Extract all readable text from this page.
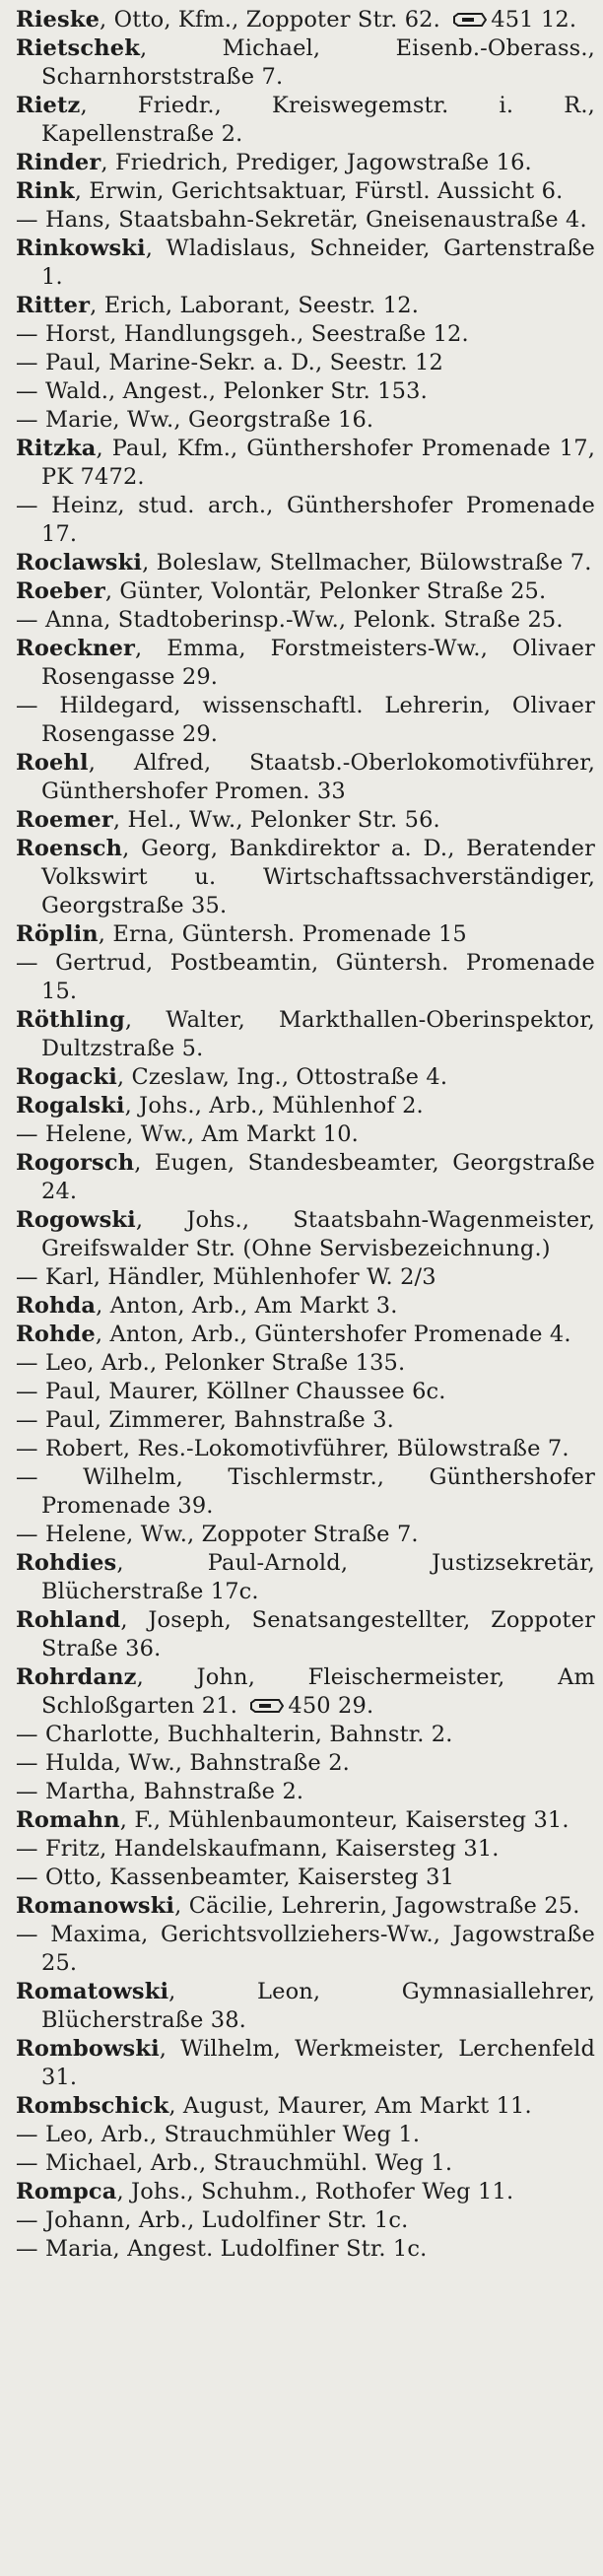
Rieske, Otto, Kfm., Zoppoter Str. 62. 451 12.

Rietschek, Michael, Eisenb.-Oberass., Scharnhorststraße 7.

Rietz, Friedr., Kreiswegemstr. i. R., Kapellenstraße 2.

Rinder, Friedrich, Prediger, Jagowstraße 16.

Rink, Erwin, Gerichtsaktuar, Fürstl. Aussicht 6.

— Hans, Staatsbahn-Sekretär, Gneisenaustraße 4.

Rinkowski, Wladislaus, Schneider, Gartenstraße 1.

Ritter, Erich, Laborant, Seestr. 12.

— Horst, Handlungsgeh., Seestraße 12.

— Paul, Marine-Sekr. a. D., Seestr. 12

— Wald., Angest., Pelonker Str. 153.

— Marie, Ww., Georgstraße 16.

Ritzka, Paul, Kfm., Günthershofer Promenade 17, PK 7472.

— Heinz, stud. arch., Günthershofer Promenade 17.

Roclawski, Boleslaw, Stellmacher, Bülowstraße 7.

Roeber, Günter, Volontär, Pelonker Straße 25.

— Anna, Stadtoberinsp.-Ww., Pelonk. Straße 25.

Roeckner, Emma, Forstmeisters-Ww., Olivaer Rosengasse 29.

— Hildegard, wissenschaftl. Lehrerin, Olivaer Rosengasse 29.

Roehl, Alfred, Staatsb.-Oberlokomotivführer, Günthershofer Promen. 33

Roemer, Hel., Ww., Pelonker Str. 56.

Roensch, Georg, Bankdirektor a. D., Beratender Volkswirt u. Wirtschaftssachverständiger, Georgstraße 35.

Röplin, Erna, Güntersh. Promenade 15

— Gertrud, Postbeamtin, Güntersh. Promenade 15.

Röthling, Walter, Markthallen-Oberinspektor, Dultzstraße 5.

Rogacki, Czeslaw, Ing., Ottostraße 4.

Rogalski, Johs., Arb., Mühlenhof 2.

— Helene, Ww., Am Markt 10.

Rogorsch, Eugen, Standesbeamter, Georgstraße 24.

Rogowski, Johs., Staatsbahn-Wagenmeister, Greifswalder Str. (Ohne Servisbezeichnung.)

— Karl, Händler, Mühlenhofer W. 2/3

Rohda, Anton, Arb., Am Markt 3.

Rohde, Anton, Arb., Güntershofer Promenade 4.

— Leo, Arb., Pelonker Straße 135.

— Paul, Maurer, Köllner Chaussee 6c.

— Paul, Zimmerer, Bahnstraße 3.

— Robert, Res.-Lokomotivführer, Bülowstraße 7.

— Wilhelm, Tischlermstr., Günthershofer Promenade 39.

— Helene, Ww., Zoppoter Straße 7.

Rohdies, Paul-Arnold, Justizsekretär, Blücherstraße 17c.

Rohland, Joseph, Senatsangestellter, Zoppoter Straße 36.

Rohrdanz, John, Fleischermeister, Am Schloßgarten 21. 450 29.

— Charlotte, Buchhalterin, Bahnstr. 2.

— Hulda, Ww., Bahnstraße 2.

— Martha, Bahnstraße 2.

Romahn, F., Mühlenbaumonteur, Kaisersteg 31.

— Fritz, Handelskaufmann, Kaisersteg 31.

— Otto, Kassenbeamter, Kaisersteg 31

Romanowski, Cäcilie, Lehrerin, Jagowstraße 25.

— Maxima, Gerichtsvollziehers-Ww., Jagowstraße 25.

Romatowski, Leon, Gymnasiallehrer, Blücherstraße 38.

Rombowski, Wilhelm, Werkmeister, Lerchenfeld 31.

Rombschick, August, Maurer, Am Markt 11.

— Leo, Arb., Strauchmühler Weg 1.

— Michael, Arb., Strauchmühl. Weg 1.

Rompca, Johs., Schuhm., Rothofer Weg 11.

— Johann, Arb., Ludolfiner Str. 1c.

— Maria, Angest. Ludolfiner Str. 1c.
